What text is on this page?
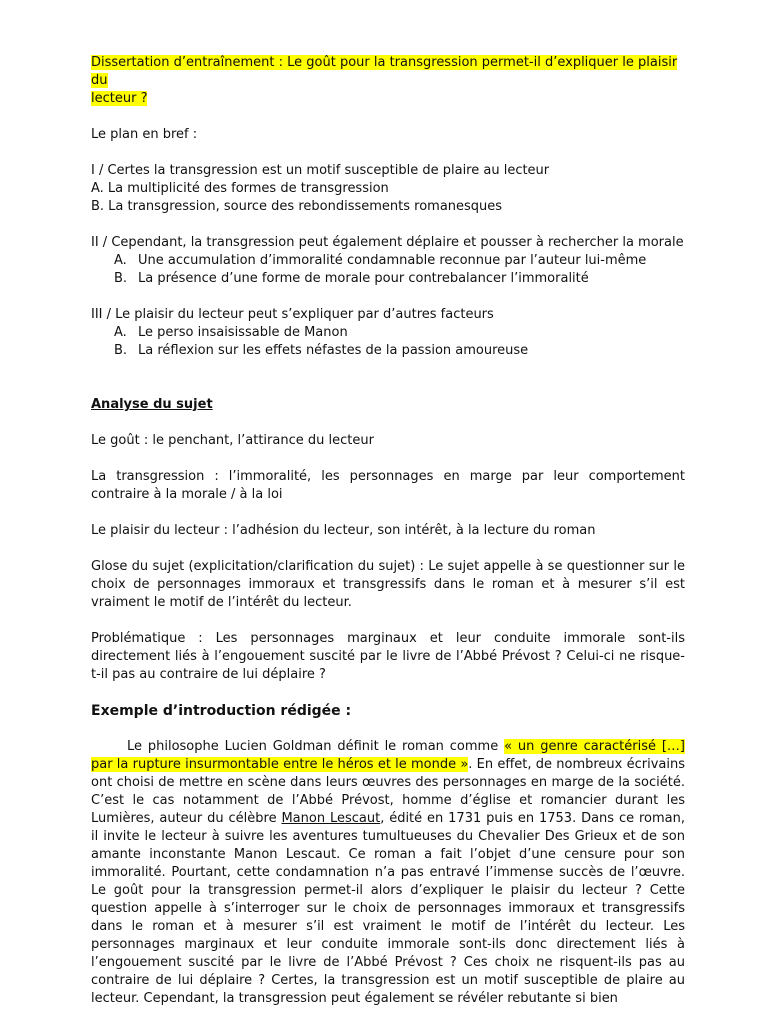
Dissertation d’entraînement : Le goût pour la transgression permet-il d’expliquer le plaisir du
lecteur ?

Le plan en bref :

I / Certes la transgression est un motif susceptible de plaire au lecteur

A. La multiplicité des formes de transgression

B. La transgression, source des rebondissements romanesques

II / Cependant, la transgression peut également déplaire et pousser à rechercher la morale

A. Une accumulation d’immoralité condamnable reconnue par l’auteur lui-même
B. La présence d’une forme de morale pour contrebalancer l’immoralité

III / Le plaisir du lecteur peut s’expliquer par d’autres facteurs

A. Le perso insaisissable de Manon
B. La réflexion sur les effets néfastes de la passion amoureuse

Analyse du sujet

Le goût : le penchant, l’attirance du lecteur

La transgression : l’immoralité, les personnages en marge par leur comportement contraire à la morale / à la loi

Le plaisir du lecteur : l’adhésion du lecteur, son intérêt, à la lecture du roman

Glose du sujet (explicitation/clarification du sujet) : Le sujet appelle à se questionner sur le choix de personnages immoraux et transgressifs dans le roman et à mesurer s’il est vraiment le motif de l’intérêt du lecteur.

Problématique : Les personnages marginaux et leur conduite immorale sont-ils directement liés à l’engouement suscité par le livre de l’Abbé Prévost ? Celui-ci ne risque-t-il pas au contraire de lui déplaire ?

Exemple d’introduction rédigée :

Le philosophe Lucien Goldman définit le roman comme « un genre caractérisé […] par la rupture insurmontable entre le héros et le monde ». En effet, de nombreux écrivains ont choisi de mettre en scène dans leurs œuvres des personnages en marge de la société. C’est le cas notamment de l’Abbé Prévost, homme d’église et romancier durant les Lumières, auteur du célèbre Manon Lescaut, édité en 1731 puis en 1753. Dans ce roman, il invite le lecteur à suivre les aventures tumultueuses du Chevalier Des Grieux et de son amante inconstante Manon Lescaut. Ce roman a fait l’objet d’une censure pour son immoralité. Pourtant, cette condamnation n’a pas entravé l’immense succès de l’œuvre. Le goût pour la transgression permet-il alors d’expliquer le plaisir du lecteur ? Cette question appelle à s’interroger sur le choix de personnages immoraux et transgressifs dans le roman et à mesurer s’il est vraiment le motif de l’intérêt du lecteur. Les personnages marginaux et leur conduite immorale sont-ils donc directement liés à l’engouement suscité par le livre de l’Abbé Prévost ? Ces choix ne risquent-ils pas au contraire de lui déplaire ? Certes, la transgression est un motif susceptible de plaire au lecteur. Cependant, la transgression peut également se révéler rebutante si bien
